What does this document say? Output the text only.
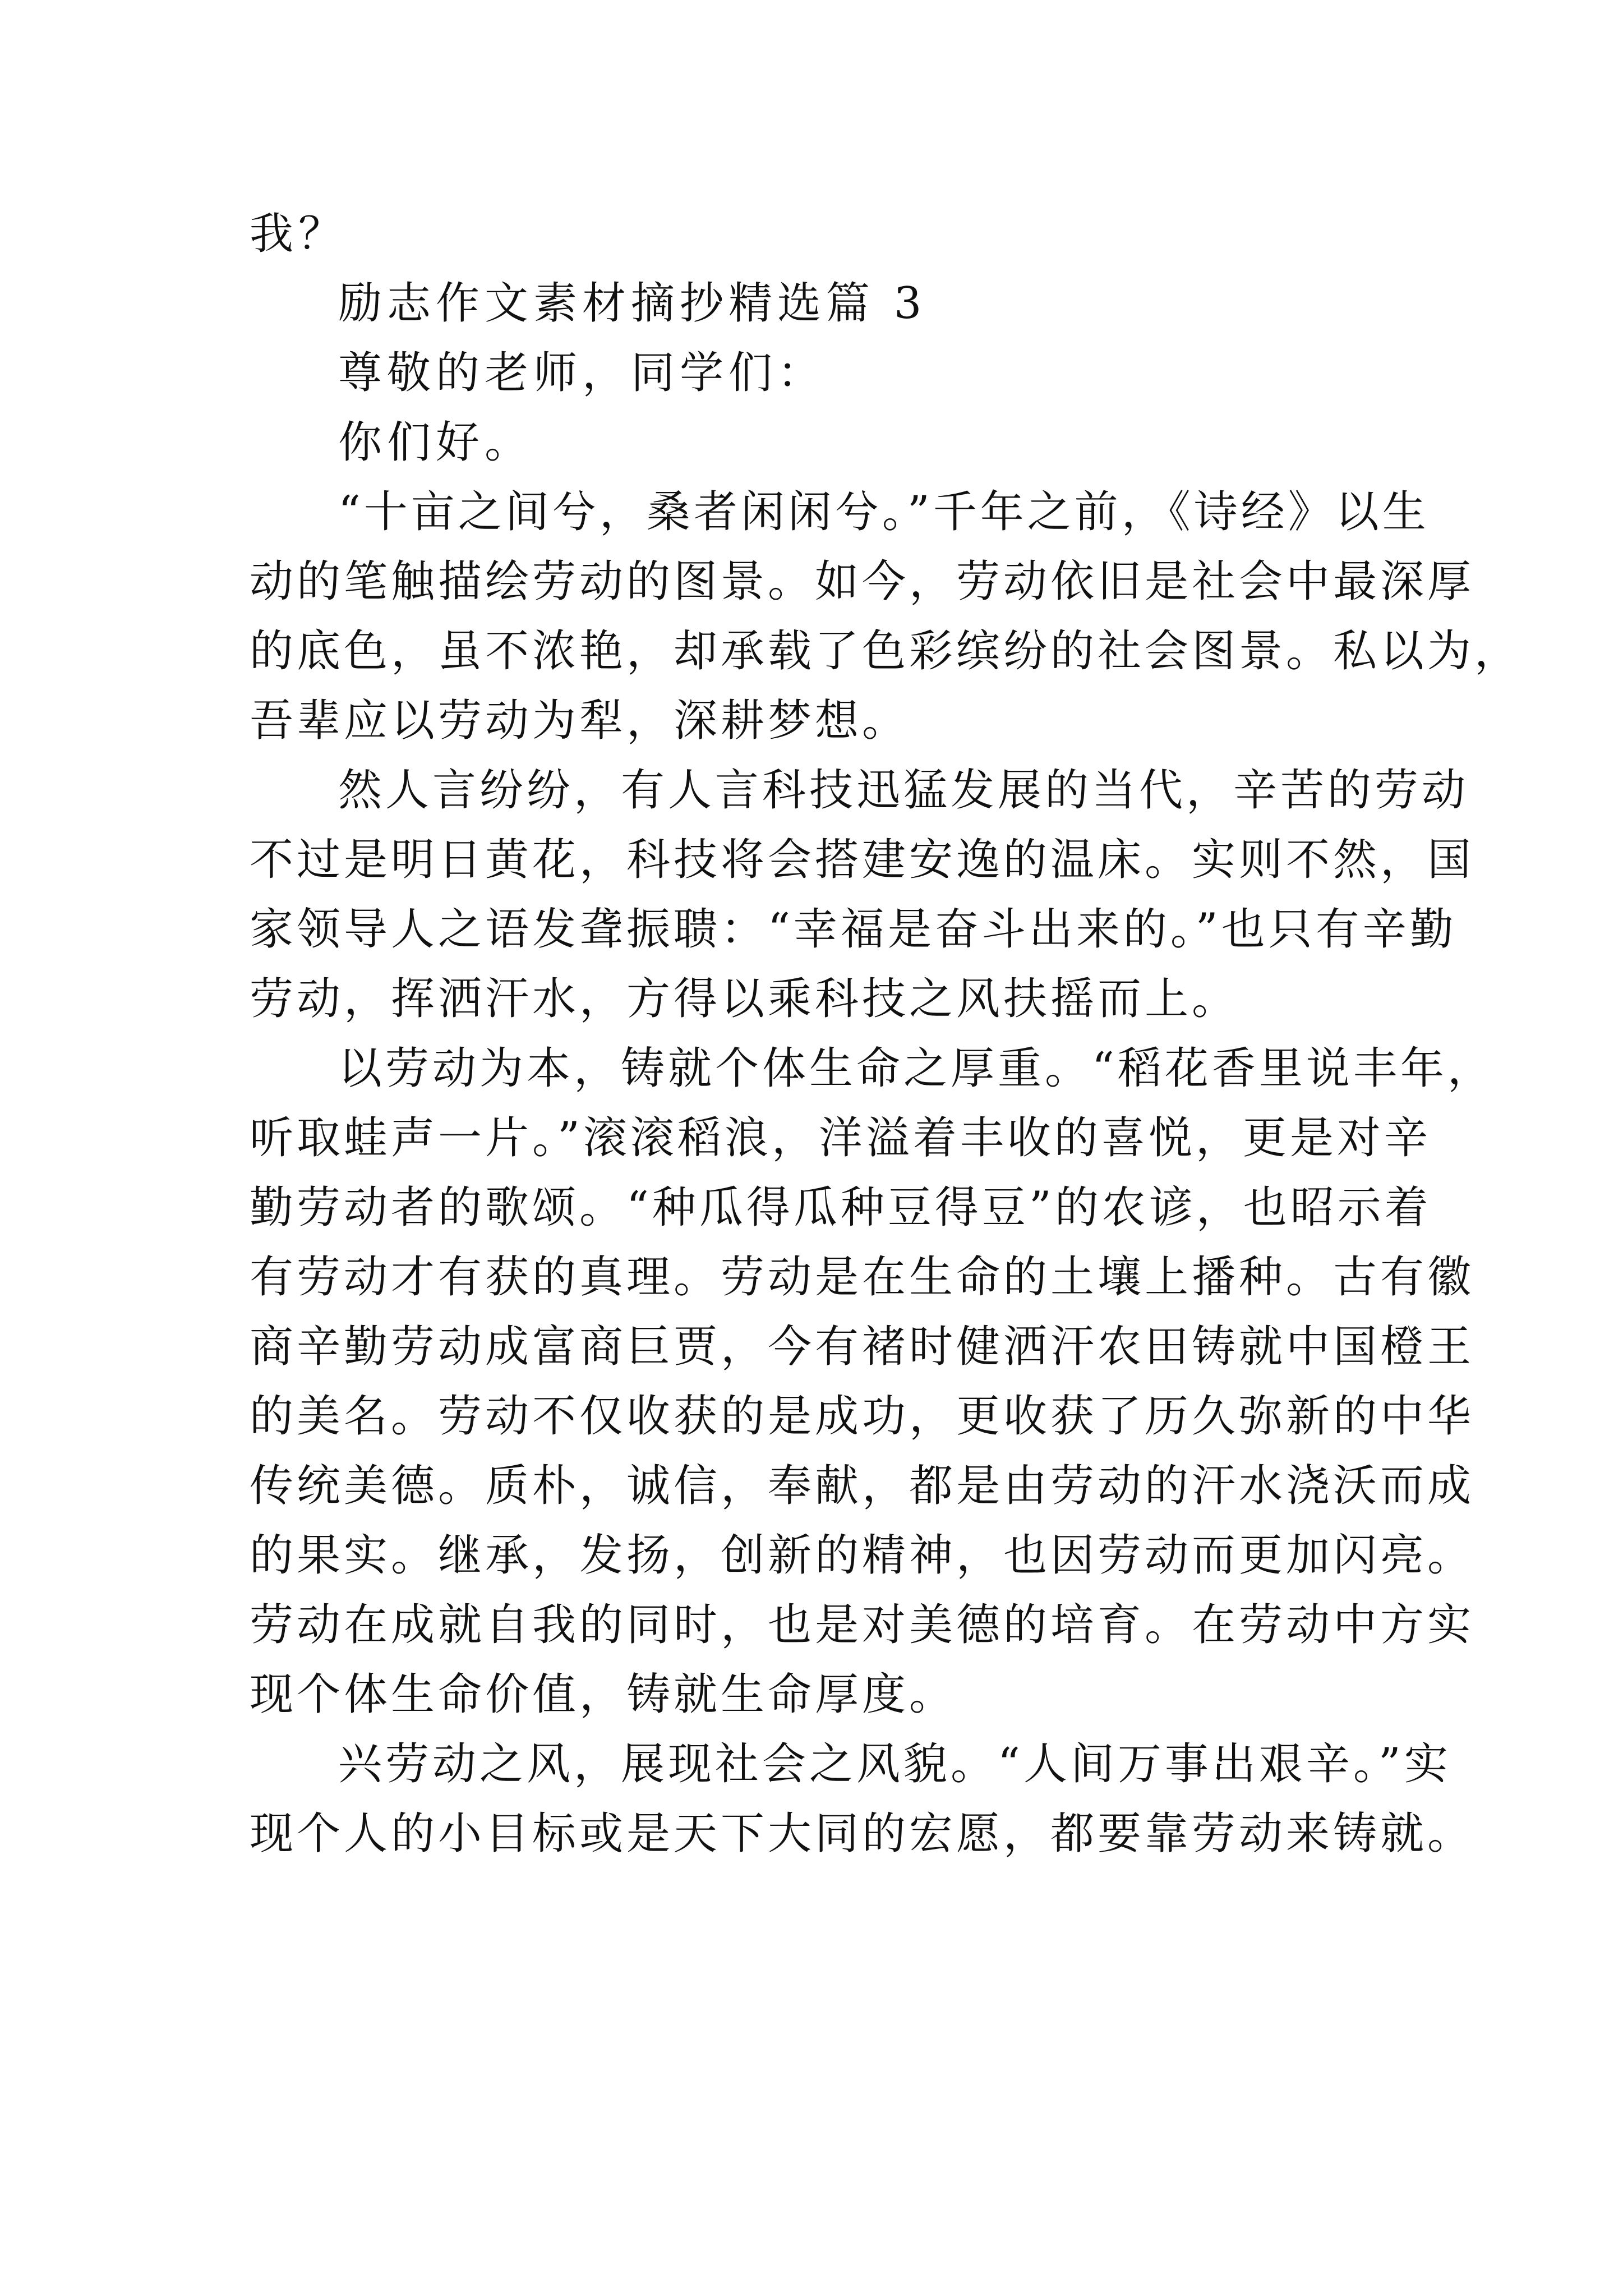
我？
励志作文素材摘抄精选篇 3
尊敬的老师，同学们：
你们好。
“十亩之间兮，桑者闲闲兮。”千年之前，《诗经》以生
动的笔触描绘劳动的图景。如今，劳动依旧是社会中最深厚
的底色，虽不浓艳，却承载了色彩缤纷的社会图景。私以为，
吾辈应以劳动为犁，深耕梦想。
然人言纷纷，有人言科技迅猛发展的当代，辛苦的劳动
不过是明日黄花，科技将会搭建安逸的温床。实则不然，国
家领导人之语发聋振聩：“幸福是奋斗出来的。”也只有辛勤
劳动，挥洒汗水，方得以乘科技之风扶摇而上。
以劳动为本，铸就个体生命之厚重。“稻花香里说丰年，
听取蛙声一片。”滚滚稻浪，洋溢着丰收的喜悦，更是对辛
勤劳动者的歌颂。“种瓜得瓜种豆得豆”的农谚，也昭示着
有劳动才有获的真理。劳动是在生命的土壤上播种。古有徽
商辛勤劳动成富商巨贾，今有褚时健洒汗农田铸就中国橙王
的美名。劳动不仅收获的是成功，更收获了历久弥新的中华
传统美德。质朴，诚信，奉献，都是由劳动的汗水浇沃而成
的果实。继承，发扬，创新的精神，也因劳动而更加闪亮。
劳动在成就自我的同时，也是对美德的培育。在劳动中方实
现个体生命价值，铸就生命厚度。
兴劳动之风，展现社会之风貌。“人间万事出艰辛。”实
现个人的小目标或是天下大同的宏愿，都要靠劳动来铸就。
